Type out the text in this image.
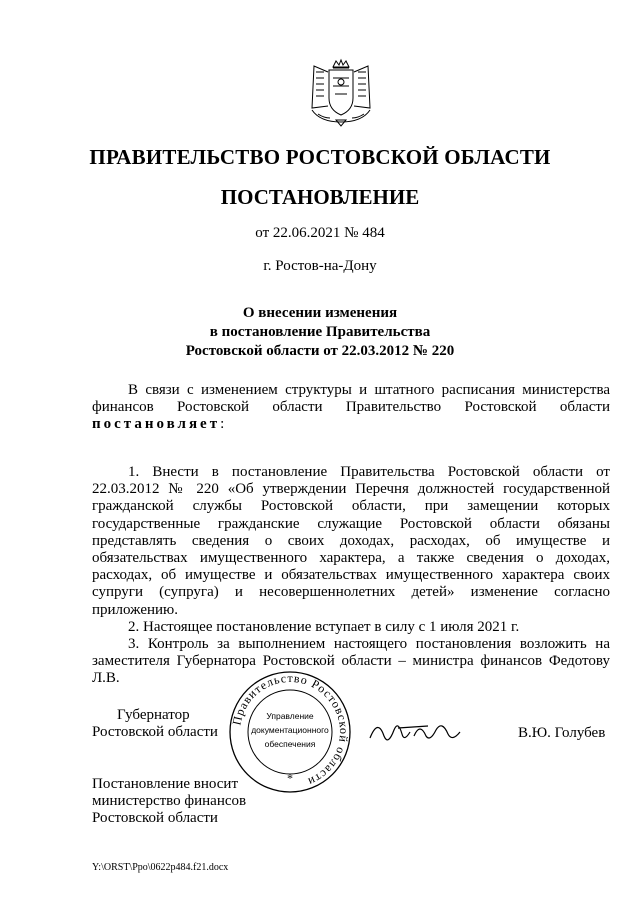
ПРАВИТЕЛЬСТВО РОСТОВСКОЙ ОБЛАСТИ
ПОСТАНОВЛЕНИЕ
от 22.06.2021 № 484
г. Ростов-на-Дону
О внесении изменения
в постановление Правительства
Ростовской области от 22.03.2012 № 220

В связи с изменением структуры и штатного расписания министерства финансов Ростовской области Правительство Ростовской области постановляет:

1. Внести в постановление Правительства Ростовской области от 22.03.2012 № 220 «Об утверждении Перечня должностей государственной гражданской службы Ростовской области, при замещении которых государственные гражданские служащие Ростовской области обязаны представлять сведения о своих доходах, расходах, об имуществе и обязательствах имущественного характера, а также сведения о доходах, расходах, об имуществе и обязательствах имущественного характера своих супруги (супруга) и несовершеннолетних детей» изменение согласно приложению.

2. Настоящее постановление вступает в силу с 1 июля 2021 г.

3. Контроль за выполнением настоящего постановления возложить на заместителя Губернатора Ростовской области – министра финансов Федотову Л.В.

Губернатор
Ростовской области
Правительство Ростовской области
Управление
документационного
обеспечения
*
В.Ю. Голубев
Постановление вносит
министерство финансов
Ростовской области
Y:\ORST\Ppo\0622p484.f21.docx
